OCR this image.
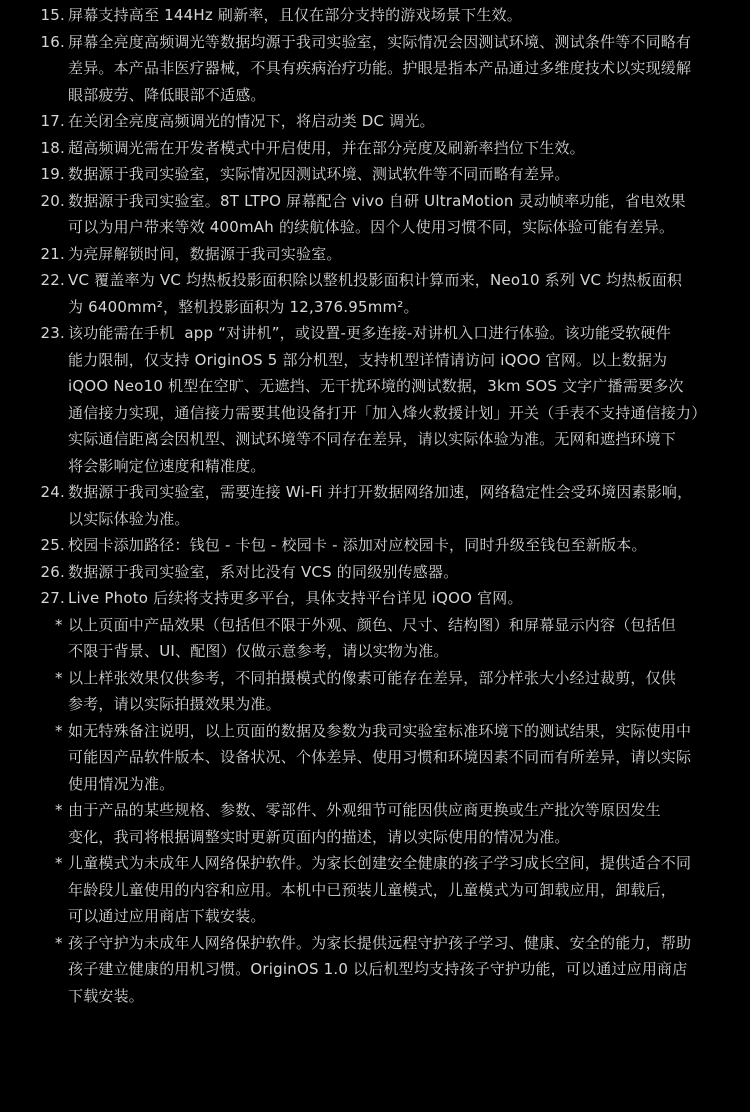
15. 屏幕支持高至 144Hz 刷新率，且仅在部分支持的游戏场景下生效。
16. 屏幕全亮度高频调光等数据均源于我司实验室，实际情况会因测试环境、测试条件等不同略有
差异。本产品非医疗器械，不具有疾病治疗功能。护眼是指本产品通过多维度技术以实现缓解
眼部疲劳、降低眼部不适感。
17. 在关闭全亮度高频调光的情况下，将启动类 DC 调光。
18. 超高频调光需在开发者模式中开启使用，并在部分亮度及刷新率挡位下生效。
19. 数据源于我司实验室，实际情况因测试环境、测试软件等不同而略有差异。
20. 数据源于我司实验室。8T LTPO 屏幕配合 vivo 自研 UltraMotion 灵动帧率功能，省电效果
可以为用户带来等效 400mAh 的续航体验。因个人使用习惯不同，实际体验可能有差异。
21. 为亮屏解锁时间，数据源于我司实验室。
22. VC 覆盖率为 VC 均热板投影面积除以整机投影面积计算而来，Neo10 系列 VC 均热板面积
为 6400mm²，整机投影面积为 12,376.95mm²。
23. 该功能需在手机  app “对讲机”，或设置-更多连接-对讲机入口进行体验。该功能受软硬件
能力限制，仅支持 OriginOS 5 部分机型，支持机型详情请访问 iQOO 官网。以上数据为
iQOO Neo10 机型在空旷、无遮挡、无干扰环境的测试数据，3km SOS 文字广播需要多次
通信接力实现，通信接力需要其他设备打开「加入烽火救援计划」开关（手表不支持通信接力）
实际通信距离会因机型、测试环境等不同存在差异，请以实际体验为准。无网和遮挡环境下
将会影响定位速度和精准度。
24. 数据源于我司实验室，需要连接 Wi-Fi 并打开数据网络加速，网络稳定性会受环境因素影响，
以实际体验为准。
25. 校园卡添加路径：钱包 - 卡包 - 校园卡 - 添加对应校园卡，同时升级至钱包至新版本。
26. 数据源于我司实验室，系对比没有 VCS 的同级别传感器。
27. Live Photo 后续将支持更多平台，具体支持平台详见 iQOO 官网。
* 以上页面中产品效果（包括但不限于外观、颜色、尺寸、结构图）和屏幕显示内容（包括但
不限于背景、UI、配图）仅做示意参考，请以实物为准。
* 以上样张效果仅供参考，不同拍摄模式的像素可能存在差异，部分样张大小经过裁剪，仅供
参考，请以实际拍摄效果为准。
* 如无特殊备注说明，以上页面的数据及参数为我司实验室标准环境下的测试结果，实际使用中
可能因产品软件版本、设备状况、个体差异、使用习惯和环境因素不同而有所差异，请以实际
使用情况为准。
* 由于产品的某些规格、参数、零部件、外观细节可能因供应商更换或生产批次等原因发生
变化，我司将根据调整实时更新页面内的描述，请以实际使用的情况为准。
* 儿童模式为未成年人网络保护软件。为家长创建安全健康的孩子学习成长空间，提供适合不同
年龄段儿童使用的内容和应用。本机中已预装儿童模式，儿童模式为可卸载应用，卸载后，
可以通过应用商店下载安装。
* 孩子守护为未成年人网络保护软件。为家长提供远程守护孩子学习、健康、安全的能力，帮助
孩子建立健康的用机习惯。OriginOS 1.0 以后机型均支持孩子守护功能，可以通过应用商店
下载安装。
